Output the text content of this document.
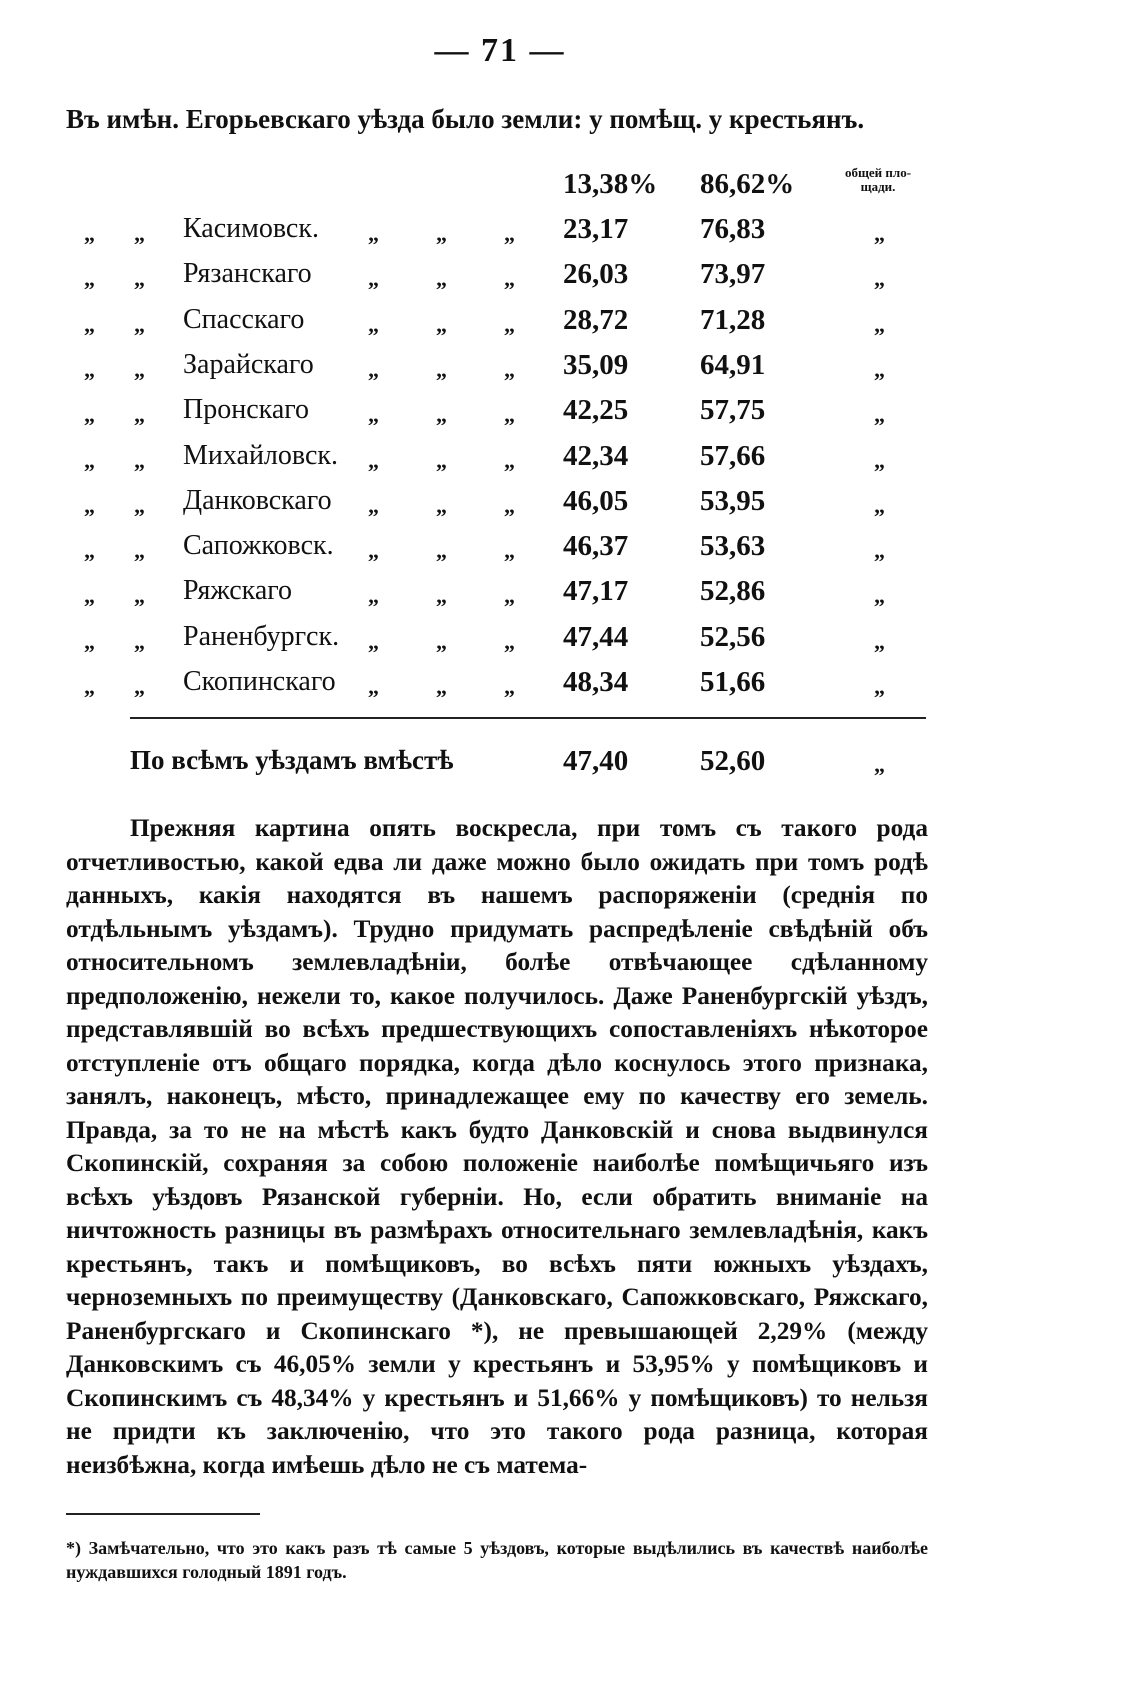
— 71 —
Въ имѣн. Егорьевскаго уѣзда было земли: у помѣщ. у крестьянъ.
13,38% 86,62%	общей пло-щади.
„ „ Касимовск. „	„	„ 23,17 76,83	„
„ „ Рязанскаго	„	„	„ 26,03 73,97	„
„ „ Спасскаго	„	„	„ 28,72 71,28	„
„ „ Зарайскаго „	„	„ 35,09 64,91	„
„ „ Пронскаго	„	„	„ 42,25 57,75	„
„ „ Михайловск. „	„	„ 42,34 57,66	„
„ „ Данковскаго „	„	„ 46,05 53,95	„
„ „ Сапожковск. „	„	„ 46,37 53,63	„
„ „ Ряжскаго	„	„	„ 47,17 52,86	„
„ „ Раненбургск. „	„	„ 47,44 52,56	„
„ „ Скопинскаго „	„	„ 48,34 51,66	„
По всѣмъ уѣздамъ вмѣстѣ	47,40 52,60	„

Прежняя картина опять воскресла, при томъ съ такого рода отчетливостью, какой едва ли даже можно было ожидать при томъ родѣ данныхъ, какія находятся въ нашемъ распоряженіи (среднія по отдѣльнымъ уѣздамъ). Трудно придумать распредѣленіе свѣдѣній объ относительномъ землевладѣніи, болѣе отвѣчающее сдѣланному предположенію, нежели то, какое получилось. Даже Раненбургскій уѣздъ, представлявшій во всѣхъ предшествующихъ сопоставленіяхъ нѣкоторое отступленіе отъ общаго порядка, когда дѣло коснулось этого признака, занялъ, наконецъ, мѣсто, принадлежащее ему по качеству его земель. Правда, за то не на мѣстѣ какъ будто Данковскій и снова выдвинулся Скопинскій, сохраняя за собою положеніе наиболѣе помѣщичьяго изъ всѣхъ уѣздовъ Рязанской губерніи. Но, если обратить вниманіе на ничтожность разницы въ размѣрахъ относительнаго землевладѣнія, какъ крестьянъ, такъ и помѣщиковъ, во всѣхъ пяти южныхъ уѣздахъ, черноземныхъ по преимуществу (Данковскаго, Сапожковскаго, Ряжскаго, Раненбургскаго и Скопинскаго *), не превышающей 2,29% (между Данковскимъ съ 46,05% земли у крестьянъ и 53,95% у помѣщиковъ и Скопинскимъ съ 48,34% у крестьянъ и 51,66% у помѣщиковъ) то нельзя не придти къ заключенію, что это такого рода разница, которая неизбѣжна, когда имѣешь дѣло не съ матема-

*) Замѣчательно, что это какъ разъ тѣ самые 5 уѣздовъ, которые выдѣлились въ качествѣ наиболѣе нуждавшихся голодный 1891 годъ.
